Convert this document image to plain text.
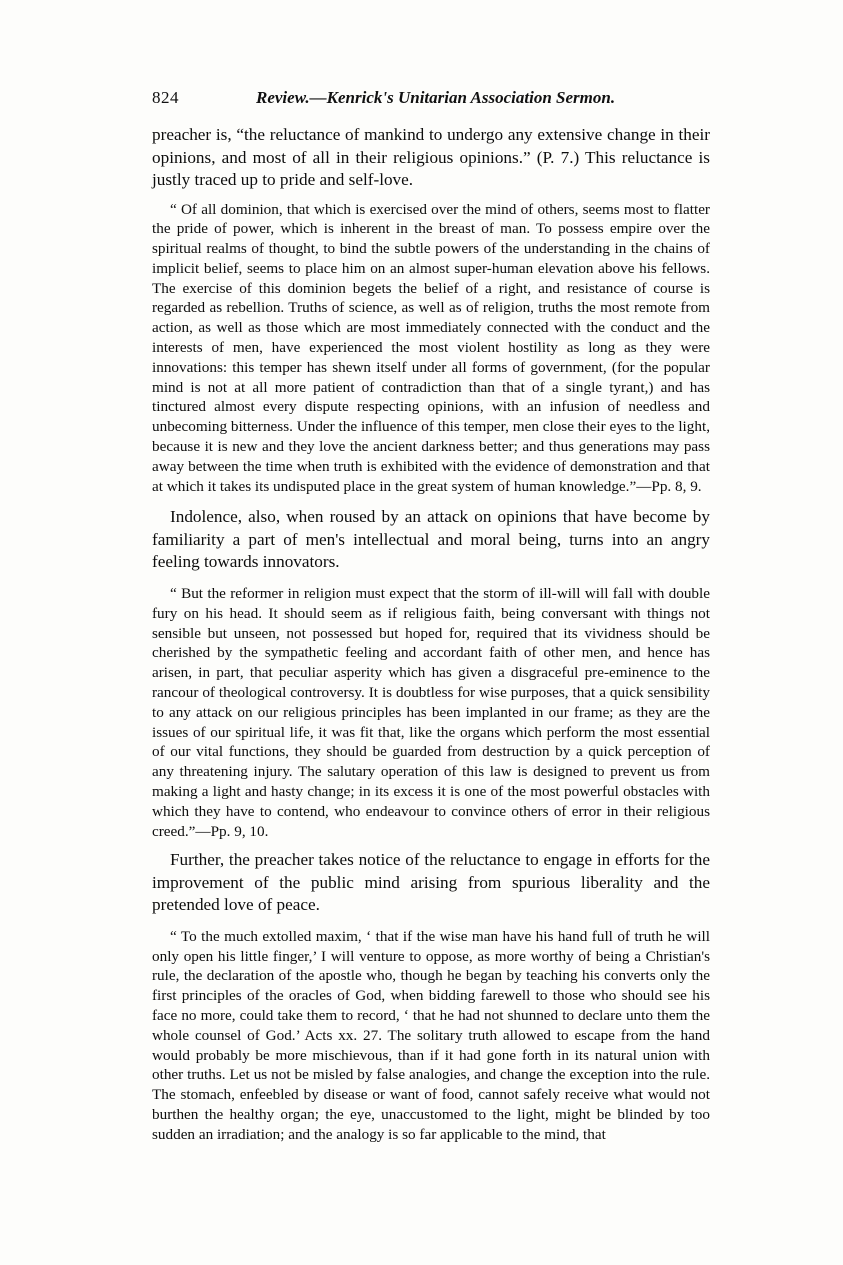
824	Review.—Kenrick's Unitarian Association Sermon.

preacher is, “the reluctance of mankind to undergo any extensive change in their opinions, and most of all in their religious opinions.” (P. 7.) This reluctance is justly traced up to pride and self-love.

“ Of all dominion, that which is exercised over the mind of others, seems most to flatter the pride of power, which is inherent in the breast of man. To possess empire over the spiritual realms of thought, to bind the subtle powers of the understanding in the chains of implicit belief, seems to place him on an almost super-human elevation above his fellows. The exercise of this dominion begets the belief of a right, and resistance of course is regarded as rebellion. Truths of science, as well as of religion, truths the most remote from action, as well as those which are most immediately connected with the conduct and the interests of men, have experienced the most violent hostility as long as they were innovations: this temper has shewn itself under all forms of government, (for the popular mind is not at all more patient of contradiction than that of a single tyrant,) and has tinctured almost every dispute respecting opinions, with an infusion of needless and unbecoming bitterness. Under the influence of this temper, men close their eyes to the light, because it is new and they love the ancient darkness better; and thus generations may pass away between the time when truth is exhibited with the evidence of demonstration and that at which it takes its undisputed place in the great system of human knowledge.”—Pp. 8, 9.

Indolence, also, when roused by an attack on opinions that have become by familiarity a part of men's intellectual and moral being, turns into an angry feeling towards innovators.

“ But the reformer in religion must expect that the storm of ill-will will fall with double fury on his head. It should seem as if religious faith, being conversant with things not sensible but unseen, not possessed but hoped for, required that its vividness should be cherished by the sympathetic feeling and accordant faith of other men, and hence has arisen, in part, that peculiar asperity which has given a disgraceful pre-eminence to the rancour of theological controversy. It is doubtless for wise purposes, that a quick sensibility to any attack on our religious principles has been implanted in our frame; as they are the issues of our spiritual life, it was fit that, like the organs which perform the most essential of our vital functions, they should be guarded from destruction by a quick perception of any threatening injury. The salutary operation of this law is designed to prevent us from making a light and hasty change; in its excess it is one of the most powerful obstacles with which they have to contend, who endeavour to convince others of error in their religious creed.”—Pp. 9, 10.

Further, the preacher takes notice of the reluctance to engage in efforts for the improvement of the public mind arising from spurious liberality and the pretended love of peace.

“ To the much extolled maxim, ‘ that if the wise man have his hand full of truth he will only open his little finger,’ I will venture to oppose, as more worthy of being a Christian's rule, the declaration of the apostle who, though he began by teaching his converts only the first principles of the oracles of God, when bidding farewell to those who should see his face no more, could take them to record, ‘ that he had not shunned to declare unto them the whole counsel of God.’ Acts xx. 27. The solitary truth allowed to escape from the hand would probably be more mischievous, than if it had gone forth in its natural union with other truths. Let us not be misled by false analogies, and change the exception into the rule. The stomach, enfeebled by disease or want of food, cannot safely receive what would not burthen the healthy organ; the eye, unaccustomed to the light, might be blinded by too sudden an irradiation; and the analogy is so far applicable to the mind, that
